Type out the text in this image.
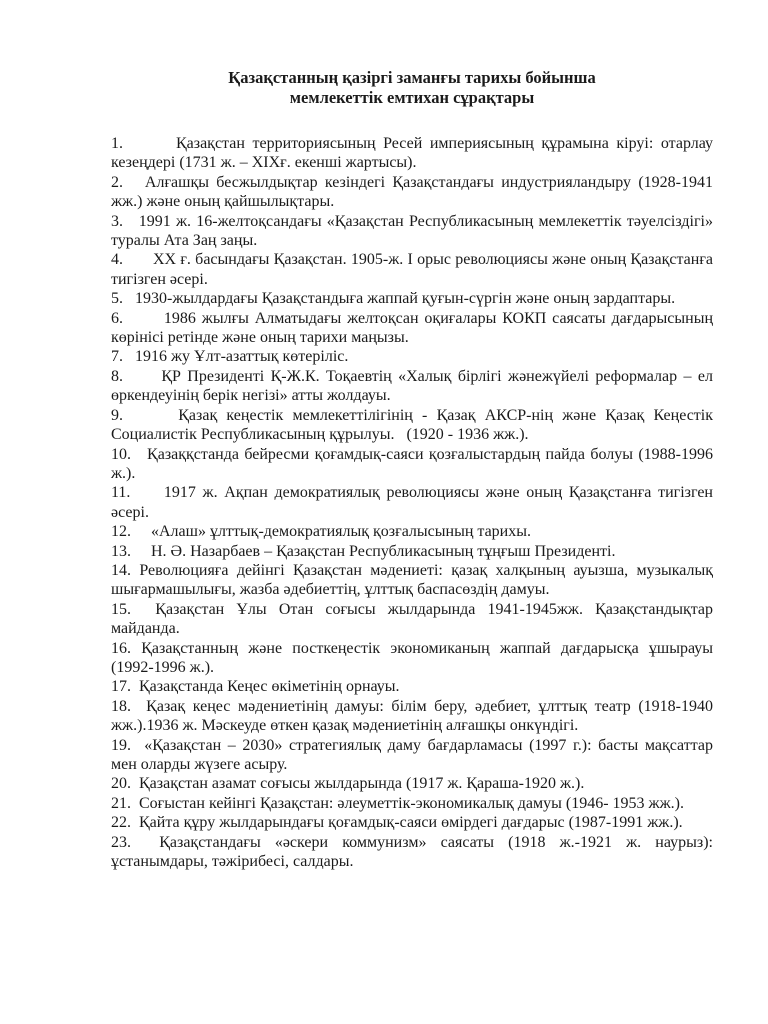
Қазақстанның қазіргі заманғы тарихы бойынша
мемлекеттік емтихан сұрақтары

1.       Қазақстан территориясының Ресей империясының құрамына кіруі: отарлау кезеңдері (1731 ж. – ХІХғ. екенші жартысы).

2.   Алғашқы бесжылдықтар кезіндегі Қазақстандағы индустрияландыру (1928-1941 жж.) және оның қайшылықтары.

3.   1991 ж. 16-желтоқсандағы «Қазақстан Республикасының мемлекеттік тәуелсіздігі» туралы Ата Заң заңы.

4.       ХХ ғ. басындағы Қазақстан. 1905-ж. І орыс революциясы және оның Қазақстанға тигізген әсері.

5.   1930-жылдардағы Қазақстандыға жаппай қуғын-сүргін және оның зардаптары.

6.       1986 жылғы Алматыдағы желтоқсан оқиғалары КОКП саясаты дағдарысының көрінісі ретінде және оның тарихи маңызы.

7.   1916 жу Ұлт-азаттық көтеріліс.

8.      ҚР Президенті Қ-Ж.К. Тоқаевтің «Халық бірлігі жәнежүйелі реформалар – ел өркендеуінің берік негізі» атты жолдауы.

9.      Қазақ кеңестік мемлекеттілігінің - Қазақ АКСР-нің және Қазақ Кеңестік Социалистік Республикасының құрылуы.   (1920 - 1936 жж.).

10.   Қазаққстанда бейресми қоғамдық-саяси қозғалыстардың пайда болуы (1988-1996 ж.).

11.     1917 ж. Ақпан демократиялық революциясы және оның Қазақстанға тигізген әсері.

12.     «Алаш» ұлттық-демократиялық қозғалысының тарихы.

13.     Н. Ә. Назарбаев – Қазақстан Республикасының тұңғыш Президенті.

14. Революцияға дейінгі Қазақстан мәдениеті: қазақ халқының ауызша, музыкалық шығармашылығы, жазба әдебиеттің, ұлттық баспасөздің дамуы.

15.  Қазақстан Ұлы Отан соғысы жылдарында 1941-1945жж. Қазақстандықтар майданда.

16. Қазақстанның және посткеңестік экономиканың жаппай дағдарысқа ұшырауы (1992-1996 ж.).

17.  Қазақстанда Кеңес өкіметінің орнауы.

18.  Қазақ кеңес мәдениетінің дамуы: білім беру, әдебиет, ұлттық театр (1918-1940 жж.).1936 ж. Мәскеуде өткен қазақ мәдениетінің алғашқы онкүндігі.

19.  «Қазақстан – 2030» стратегиялық даму бағдарламасы (1997 г.): басты мақсаттар мен оларды жүзеге асыру.

20.  Қазақстан азамат соғысы жылдарында (1917 ж. Қараша-1920 ж.).

21.  Соғыстан кейінгі Қазақстан: әлеуметтік-экономикалық дамуы (1946- 1953 жж.).

22.  Қайта құру жылдарындағы қоғамдық-саяси өмірдегі дағдарыс (1987-1991 жж.).

23.  Қазақстандағы «әскери коммунизм» саясаты (1918 ж.-1921 ж. наурыз): ұстанымдары, тәжірибесі, салдары.
